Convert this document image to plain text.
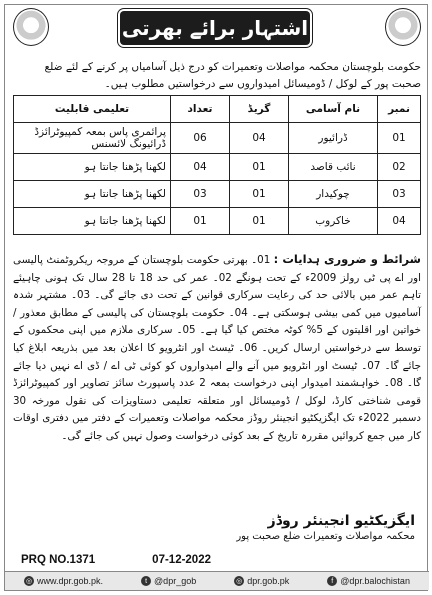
اشتہار برائے بھرتی
حکومت بلوچستان محکمہ مواصلات وتعمیرات کو درج ذیل آسامیاں پر کرنے کے لئے ضلع صحبت پور کے لوکل / ڈومیسائل امیدواروں سے درخواستیں مطلوب ہیں۔
نمبر	نام آسامی	گریڈ	تعداد	تعلیمی قابلیت
01	ڈرائیور	04	06	پرائمری پاس بمعہ کمپیوٹرائزڈ ڈرائیونگ لائسنس
02	نائب قاصد	01	04	لکھنا پڑھنا جانتا ہو
03	چوکیدار	01	03	لکھنا پڑھنا جانتا ہو
04	خاکروب	01	01	لکھنا پڑھنا جانتا ہو
شرائط و ضروری ہدایات : 01۔ بھرتی حکومت بلوچستان کے مروجہ ریکروٹمنٹ پالیسی اور اے پی ٹی رولز 2009ء کے تحت ہونگے 02۔ عمر کی حد 18 تا 28 سال تک ہونی چاہیئے تاہم عمر میں بالائی حد کی رعایت سرکاری قوانین کے تحت دی جائے گی۔ 03۔ مشتہر شدہ آسامیوں میں کمی بیشی ہوسکتی ہے۔ 04۔ حکومت بلوچستان کی پالیسی کے مطابق معذور / خواتین اور اقلیتوں کے 5% کوٹہ مختص کیا گیا ہے۔ 05۔ سرکاری ملازم میں اپنی محکموں کے توسط سے درخواستیں ارسال کریں۔ 06۔ ٹیسٹ اور انٹرویو کا اعلان بعد میں بذریعہ ابلاغ کیا جائے گا۔ 07۔ ٹیسٹ اور انٹرویو میں آنے والے امیدواروں کو کوئی ٹی اے / ڈی اے نہیں دیا جائے گا۔ 08۔ خواہشمند امیدوار اپنی درخواست بمعہ 2 عدد پاسپورٹ سائز تصاویر اور کمپیوٹرائزڈ قومی شناختی کارڈ، لوکل / ڈومیسائل اور متعلقہ تعلیمی دستاویزات کی نقول مورخہ 30 دسمبر 2022ء تک ایگزیکٹیو انجینئر روڈز محکمہ مواصلات وتعمیرات کے دفتر میں دفتری اوقات کار میں جمع کروائیں مقررہ تاریخ کے بعد کوئی درخواست وصول نہیں کی جائے گی۔
ایگزیکٹیو انجینئر روڈز
محکمہ مواصلات وتعمیرات ضلع صحبت پور
PRQ NO.1371	07-12-2022
◎ www.dpr.gob.pk.	t @dpr_gob	◎ dpr.gob.pk	f @dpr.balochistan
